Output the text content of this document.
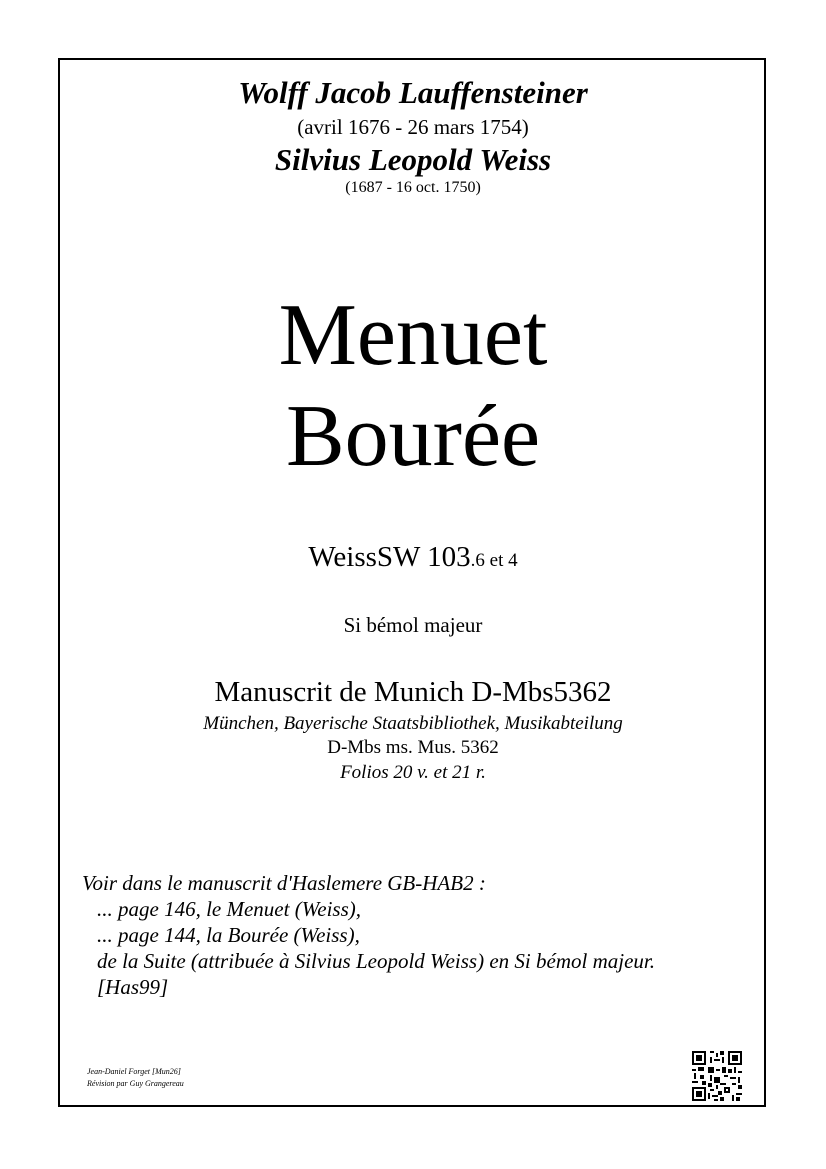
Wolff Jacob Lauffensteiner
(avril 1676 - 26 mars 1754)
Silvius Leopold Weiss
(1687 - 16 oct. 1750)
Menuet
Bourée
WeissSW 103.6 et 4
Si bémol majeur
Manuscrit de Munich D-Mbs5362
München, Bayerische Staatsbibliothek, Musikabteilung
D-Mbs ms. Mus. 5362
Folios 20 v. et 21 r.
Voir dans le manuscrit d'Haslemere GB-HAB2 :
... page 146, le Menuet (Weiss),
... page 144, la Bourée (Weiss),
de la Suite (attribuée à Silvius Leopold Weiss) en Si bémol majeur.
[Has99]
Jean-Daniel Forget [Mun26]
Révision par Guy Grangereau
